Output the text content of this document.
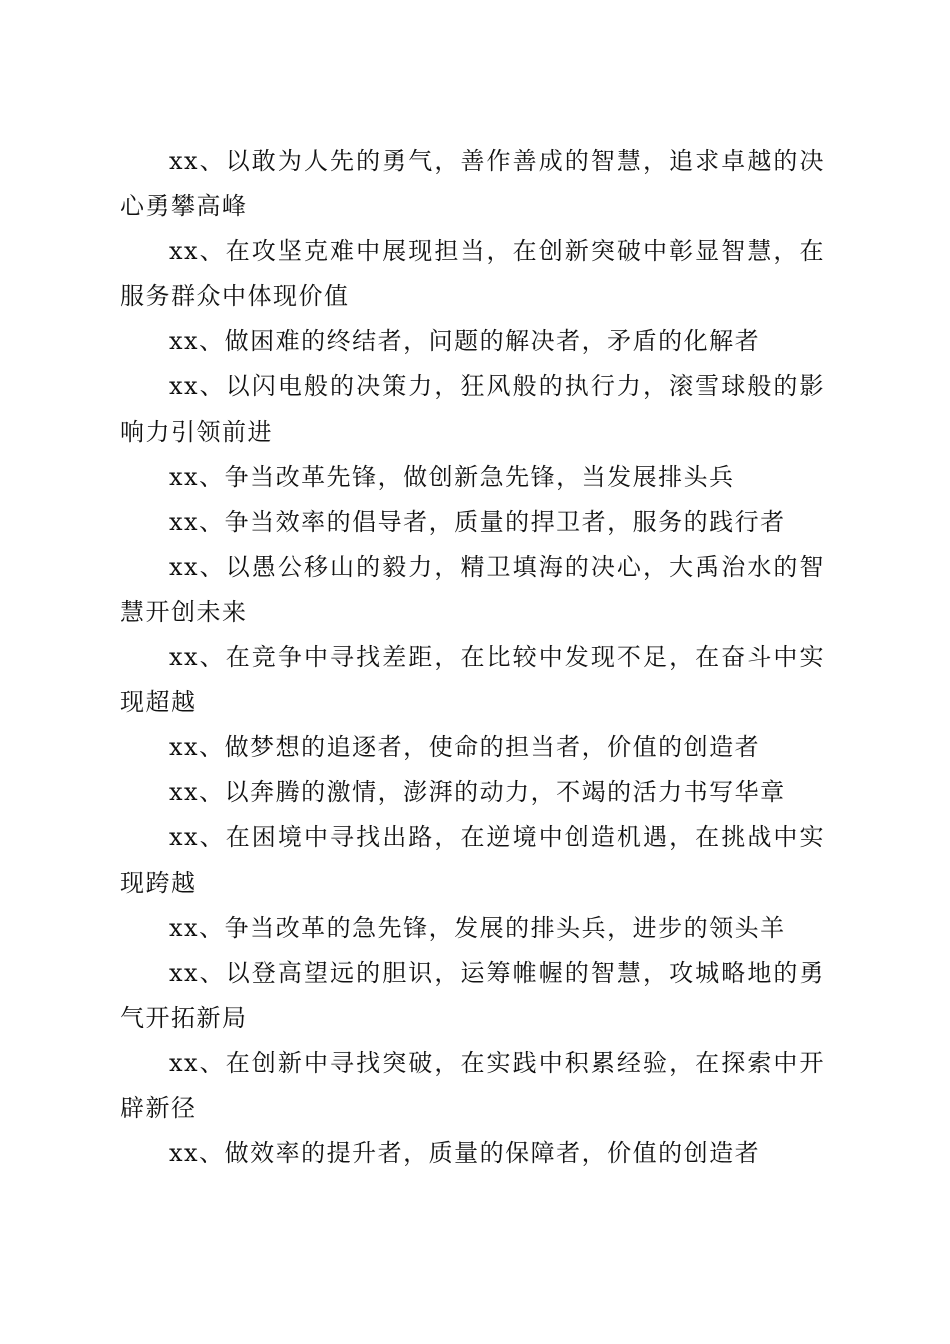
xx、以敢为人先的勇气，善作善成的智慧，追求卓越的决心勇攀高峰

xx、在攻坚克难中展现担当，在创新突破中彰显智慧，在服务群众中体现价值

xx、做困难的终结者，问题的解决者，矛盾的化解者

xx、以闪电般的决策力，狂风般的执行力，滚雪球般的影响力引领前进

xx、争当改革先锋，做创新急先锋，当发展排头兵

xx、争当效率的倡导者，质量的捍卫者，服务的践行者

xx、以愚公移山的毅力，精卫填海的决心，大禹治水的智慧开创未来

xx、在竞争中寻找差距，在比较中发现不足，在奋斗中实现超越

xx、做梦想的追逐者，使命的担当者，价值的创造者

xx、以奔腾的激情，澎湃的动力，不竭的活力书写华章

xx、在困境中寻找出路，在逆境中创造机遇，在挑战中实现跨越

xx、争当改革的急先锋，发展的排头兵，进步的领头羊

xx、以登高望远的胆识，运筹帷幄的智慧，攻城略地的勇气开拓新局

xx、在创新中寻找突破，在实践中积累经验，在探索中开辟新径

xx、做效率的提升者，质量的保障者，价值的创造者
